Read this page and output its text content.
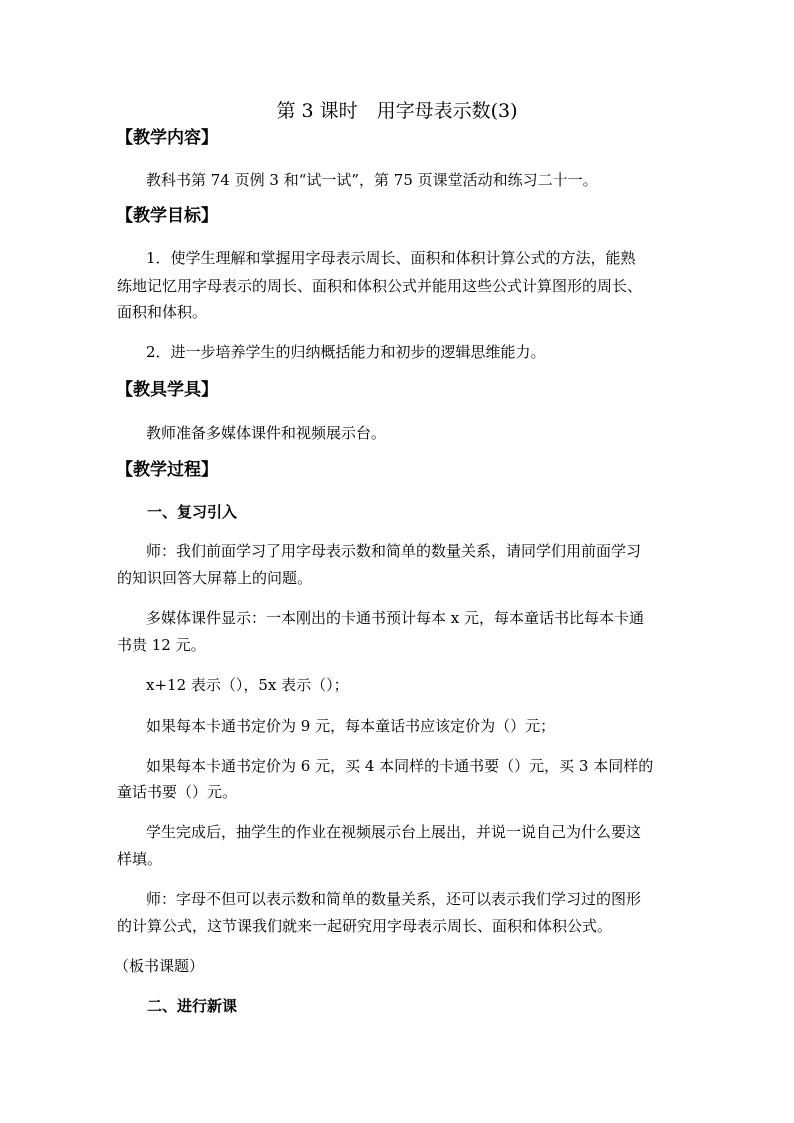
第 3 课时　用字母表示数(3)
【教学内容】
教科书第 74 页例 3 和“试一试”，第 75 页课堂活动和练习二十一。
【教学目标】
1．使学生理解和掌握用字母表示周长、面积和体积计算公式的方法，能熟
练地记忆用字母表示的周长、面积和体积公式并能用这些公式计算图形的周长、
面积和体积。
2．进一步培养学生的归纳概括能力和初步的逻辑思维能力。
【教具学具】
教师准备多媒体课件和视频展示台。
【教学过程】
一、复习引入
师：我们前面学习了用字母表示数和简单的数量关系，请同学们用前面学习
的知识回答大屏幕上的问题。
多媒体课件显示：一本刚出的卡通书预计每本 x 元，每本童话书比每本卡通
书贵 12 元。
x+12 表示（），5x 表示（）；
如果每本卡通书定价为 9 元，每本童话书应该定价为（）元；
如果每本卡通书定价为 6 元，买 4 本同样的卡通书要（）元，买 3 本同样的
童话书要（）元。
学生完成后，抽学生的作业在视频展示台上展出，并说一说自己为什么要这
样填。
师：字母不但可以表示数和简单的数量关系，还可以表示我们学习过的图形
的计算公式，这节课我们就来一起研究用字母表示周长、面积和体积公式。
（板书课题）
二、进行新课
